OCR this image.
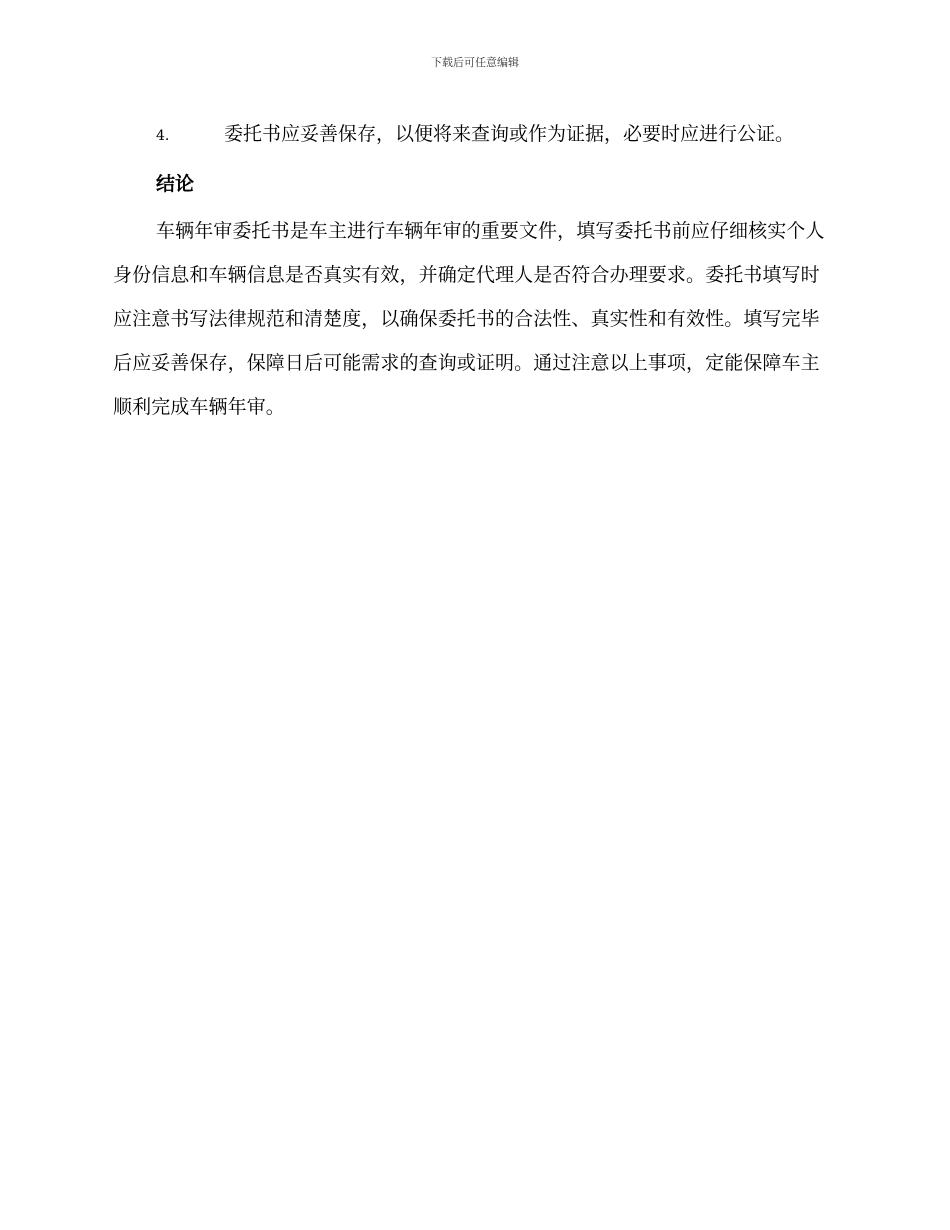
下载后可任意编辑

4.	委托书应妥善保存，以便将来查询或作为证据，必要时应进行公证。

结论

车辆年审委托书是车主进行车辆年审的重要文件，填写委托书前应仔细核实个人身份信息和车辆信息是否真实有效，并确定代理人是否符合办理要求。委托书填写时应注意书写法律规范和清楚度，以确保委托书的合法性、真实性和有效性。填写完毕后应妥善保存，保障日后可能需求的查询或证明。通过注意以上事项，定能保障车主顺利完成车辆年审。
